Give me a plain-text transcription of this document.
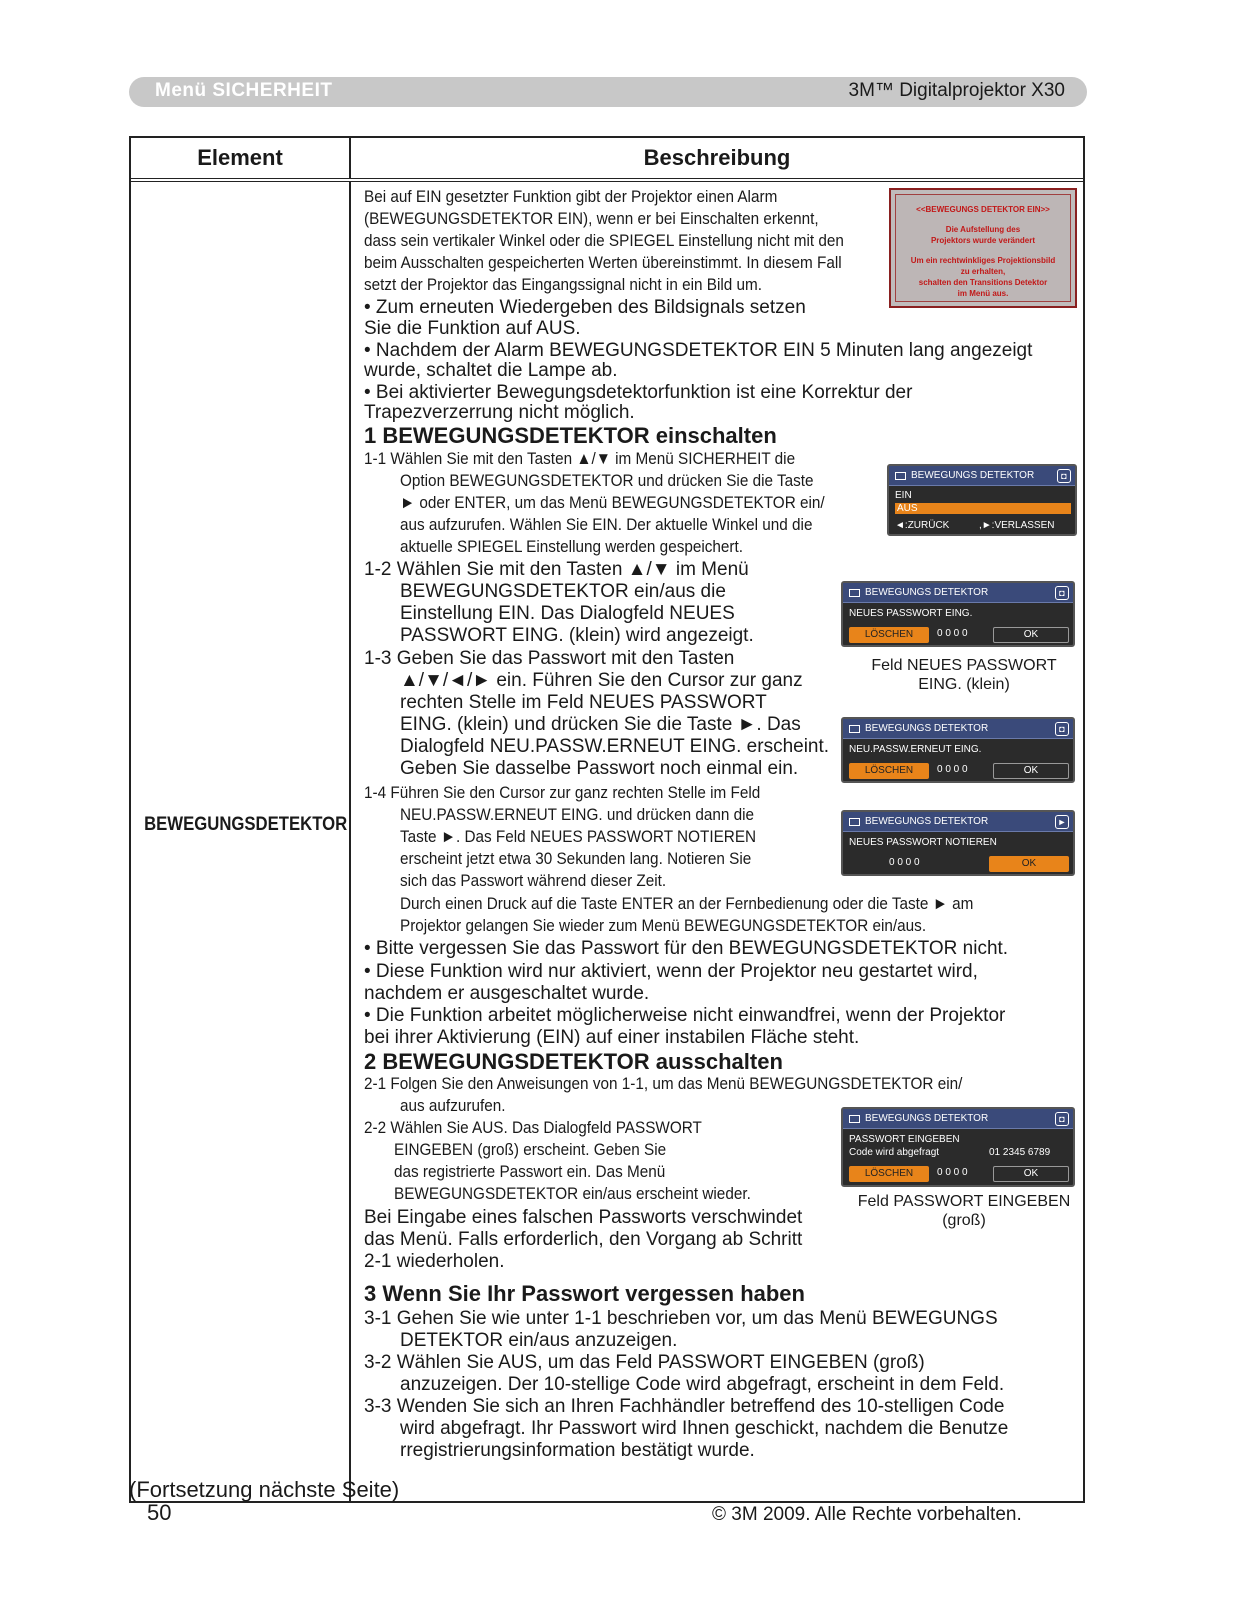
Menü SICHERHEIT	3M™ Digitalprojektor X30
Element	Beschreibung
BEWEGUNGSDETEKTOR
Bei auf EIN gesetzter Funktion gibt der Projektor einen Alarm
(BEWEGUNGSDETEKTOR EIN), wenn er bei Einschalten erkennt,
dass sein vertikaler Winkel oder die SPIEGEL Einstellung nicht mit den
beim Ausschalten gespeicherten Werten übereinstimmt. In diesem Fall
setzt der Projektor das Eingangssignal nicht in ein Bild um.
• Zum erneuten Wiedergeben des Bildsignals setzen
Sie die Funktion auf AUS.
• Nachdem der Alarm BEWEGUNGSDETEKTOR EIN 5 Minuten lang angezeigt
wurde, schaltet die Lampe ab.
• Bei aktivierter Bewegungsdetektorfunktion ist eine Korrektur der
Trapezverzerrung nicht möglich.
1 BEWEGUNGSDETEKTOR einschalten
1-1 Wählen Sie mit den Tasten ▲/▼ im Menü SICHERHEIT die
Option BEWEGUNGSDETEKTOR und drücken Sie die Taste
► oder ENTER, um das Menü BEWEGUNGSDETEKTOR ein/
aus aufzurufen. Wählen Sie EIN. Der aktuelle Winkel und die
aktuelle SPIEGEL Einstellung werden gespeichert.
1-2 Wählen Sie mit den Tasten ▲/▼ im Menü
BEWEGUNGSDETEKTOR ein/aus die
Einstellung EIN. Das Dialogfeld NEUES
PASSWORT EING. (klein) wird angezeigt.
1-3 Geben Sie das Passwort mit den Tasten
▲/▼/◄/► ein. Führen Sie den Cursor zur ganz
rechten Stelle im Feld NEUES PASSWORT
EING. (klein) und drücken Sie die Taste ►. Das
Dialogfeld NEU.PASSW.ERNEUT EING. erscheint.
Geben Sie dasselbe Passwort noch einmal ein.
1-4 Führen Sie den Cursor zur ganz rechten Stelle im Feld
NEU.PASSW.ERNEUT EING. und drücken dann die
Taste ►. Das Feld NEUES PASSWORT NOTIEREN
erscheint jetzt etwa 30 Sekunden lang. Notieren Sie
sich das Passwort während dieser Zeit.
Durch einen Druck auf die Taste ENTER an der Fernbedienung oder die Taste ► am
Projektor gelangen Sie wieder zum Menü BEWEGUNGSDETEKTOR ein/aus.
• Bitte vergessen Sie das Passwort für den BEWEGUNGSDETEKTOR nicht.
• Diese Funktion wird nur aktiviert, wenn der Projektor neu gestartet wird,
nachdem er ausgeschaltet wurde.
• Die Funktion arbeitet möglicherweise nicht einwandfrei, wenn der Projektor
bei ihrer Aktivierung (EIN) auf einer instabilen Fläche steht.
2 BEWEGUNGSDETEKTOR ausschalten
2-1 Folgen Sie den Anweisungen von 1-1, um das Menü BEWEGUNGSDETEKTOR ein/
aus aufzurufen.
2-2 Wählen Sie AUS. Das Dialogfeld PASSWORT
EINGEBEN (groß) erscheint. Geben Sie
das registrierte Passwort ein. Das Menü
BEWEGUNGSDETEKTOR ein/aus erscheint wieder.
Bei Eingabe eines falschen Passworts verschwindet
das Menü. Falls erforderlich, den Vorgang ab Schritt
2-1 wiederholen.
3 Wenn Sie Ihr Passwort vergessen haben
3-1 Gehen Sie wie unter 1-1 beschrieben vor, um das Menü BEWEGUNGS
DETEKTOR ein/aus anzuzeigen.
3-2 Wählen Sie AUS, um das Feld PASSWORT EINGEBEN (groß)
anzuzeigen. Der 10-stellige Code wird abgefragt, erscheint in dem Feld.
3-3 Wenden Sie sich an Ihren Fachhändler betreffend des 10-stelligen Code
wird abgefragt. Ihr Passwort wird Ihnen geschickt, nachdem die Benutze
rregistrierungsinformation bestätigt wurde.
<<BEWEGUNGS DETEKTOR EIN>>
Die Aufstellung des
Projektors wurde verändert
Um ein rechtwinkliges Projektionsbild
zu erhalten,
schalten den Transitions Detektor
im Menü aus.
BEWEGUNGS DETEKTOR	◘
EIN
AUS
◄:ZURÜCK	,►:VERLASSEN
BEWEGUNGS DETEKTOR	◘
NEUES PASSWORT EING.
LÖSCHEN	0 0 0 0	OK
Feld NEUES PASSWORT
EING. (klein)
BEWEGUNGS DETEKTOR	◘
NEU.PASSW.ERNEUT EING.
LÖSCHEN	0 0 0 0	OK
BEWEGUNGS DETEKTOR	►
NEUES PASSWORT NOTIEREN
0 0 0 0	OK
BEWEGUNGS DETEKTOR	◘
PASSWORT EINGEBEN
Code wird abgefragt	01 2345 6789
LÖSCHEN	0 0 0 0	OK
Feld PASSWORT EINGEBEN
(groß)
(Fortsetzung nächste Seite)
50	© 3M 2009. Alle Rechte vorbehalten.
